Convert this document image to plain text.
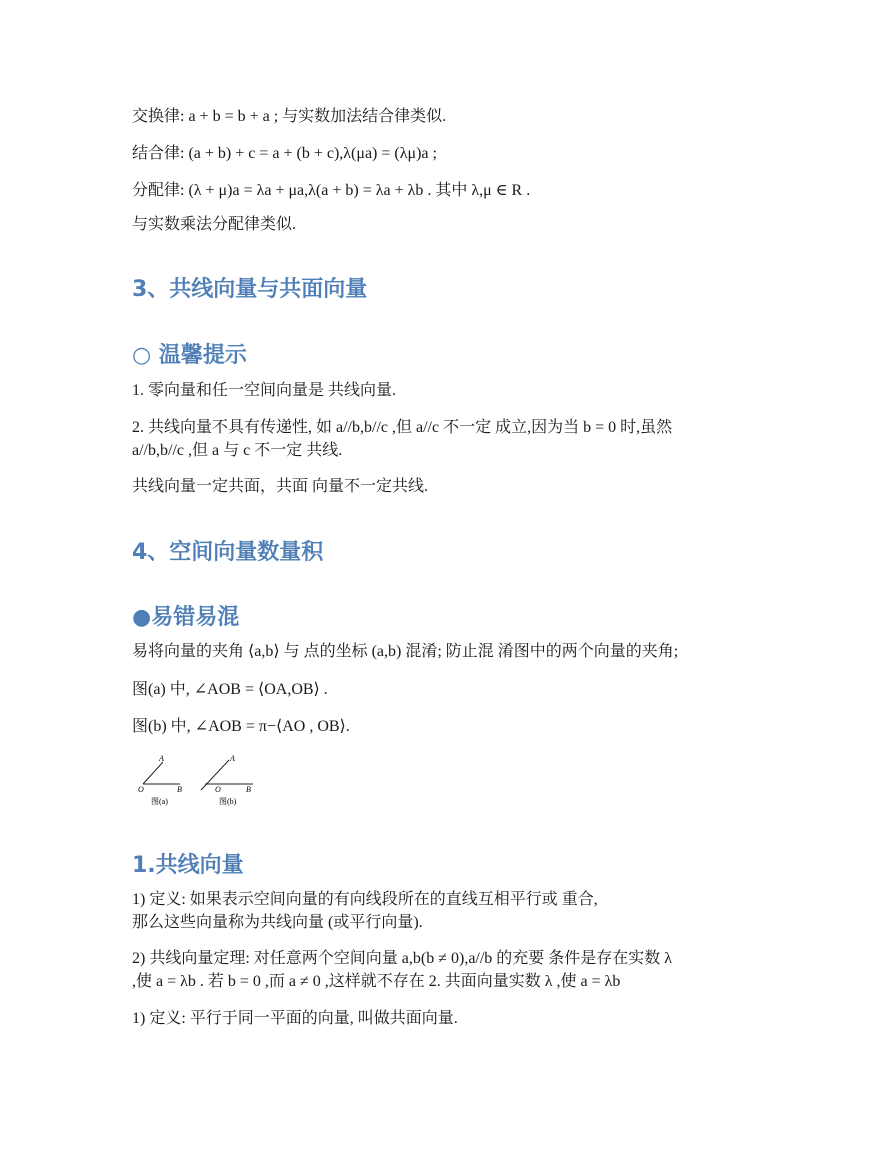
交换律: a + b = b + a ; 与实数加法结合律类似.
结合律: (a + b) + c = a + (b + c),λ(μa) = (λμ)a ;
分配律: (λ + μ)a = λa + μa,λ(a + b) = λa + λb . 其中 λ,μ ∈ R .
与实数乘法分配律类似.
3、共线向量与共面向量
○ 温馨提示
1. 零向量和任一空间向量是 共线向量.
2. 共线向量不具有传递性, 如 a//b,b//c ,但 a//c 不一定 成立,因为当 b = 0 时,虽然
a//b,b//c ,但 a 与 c 不一定 共线.
共线向量一定共面，共面 向量不一定共线.
4、空间向量数量积
●易错易混
易将向量的夹角 ⟨a,b⟩ 与 点的坐标 (a,b) 混淆; 防止混 淆图中的两个向量的夹角;
图(a) 中, ∠AOB = ⟨OA,OB⟩ .
图(b) 中, ∠AOB = π−⟨AO , OB⟩.
A
O	B
图(a)
A
O	B
图(b)
1.共线向量
1) 定义: 如果表示空间向量的有向线段所在的直线互相平行或 重合,
那么这些向量称为共线向量 (或平行向量).
2) 共线向量定理: 对任意两个空间向量 a,b(b ≠ 0),a//b 的充要 条件是存在实数 λ
,使 a = λb . 若 b = 0 ,而 a ≠ 0 ,这样就不存在 2. 共面向量实数 λ ,使 a = λb
1) 定义: 平行于同一平面的向量, 叫做共面向量.
